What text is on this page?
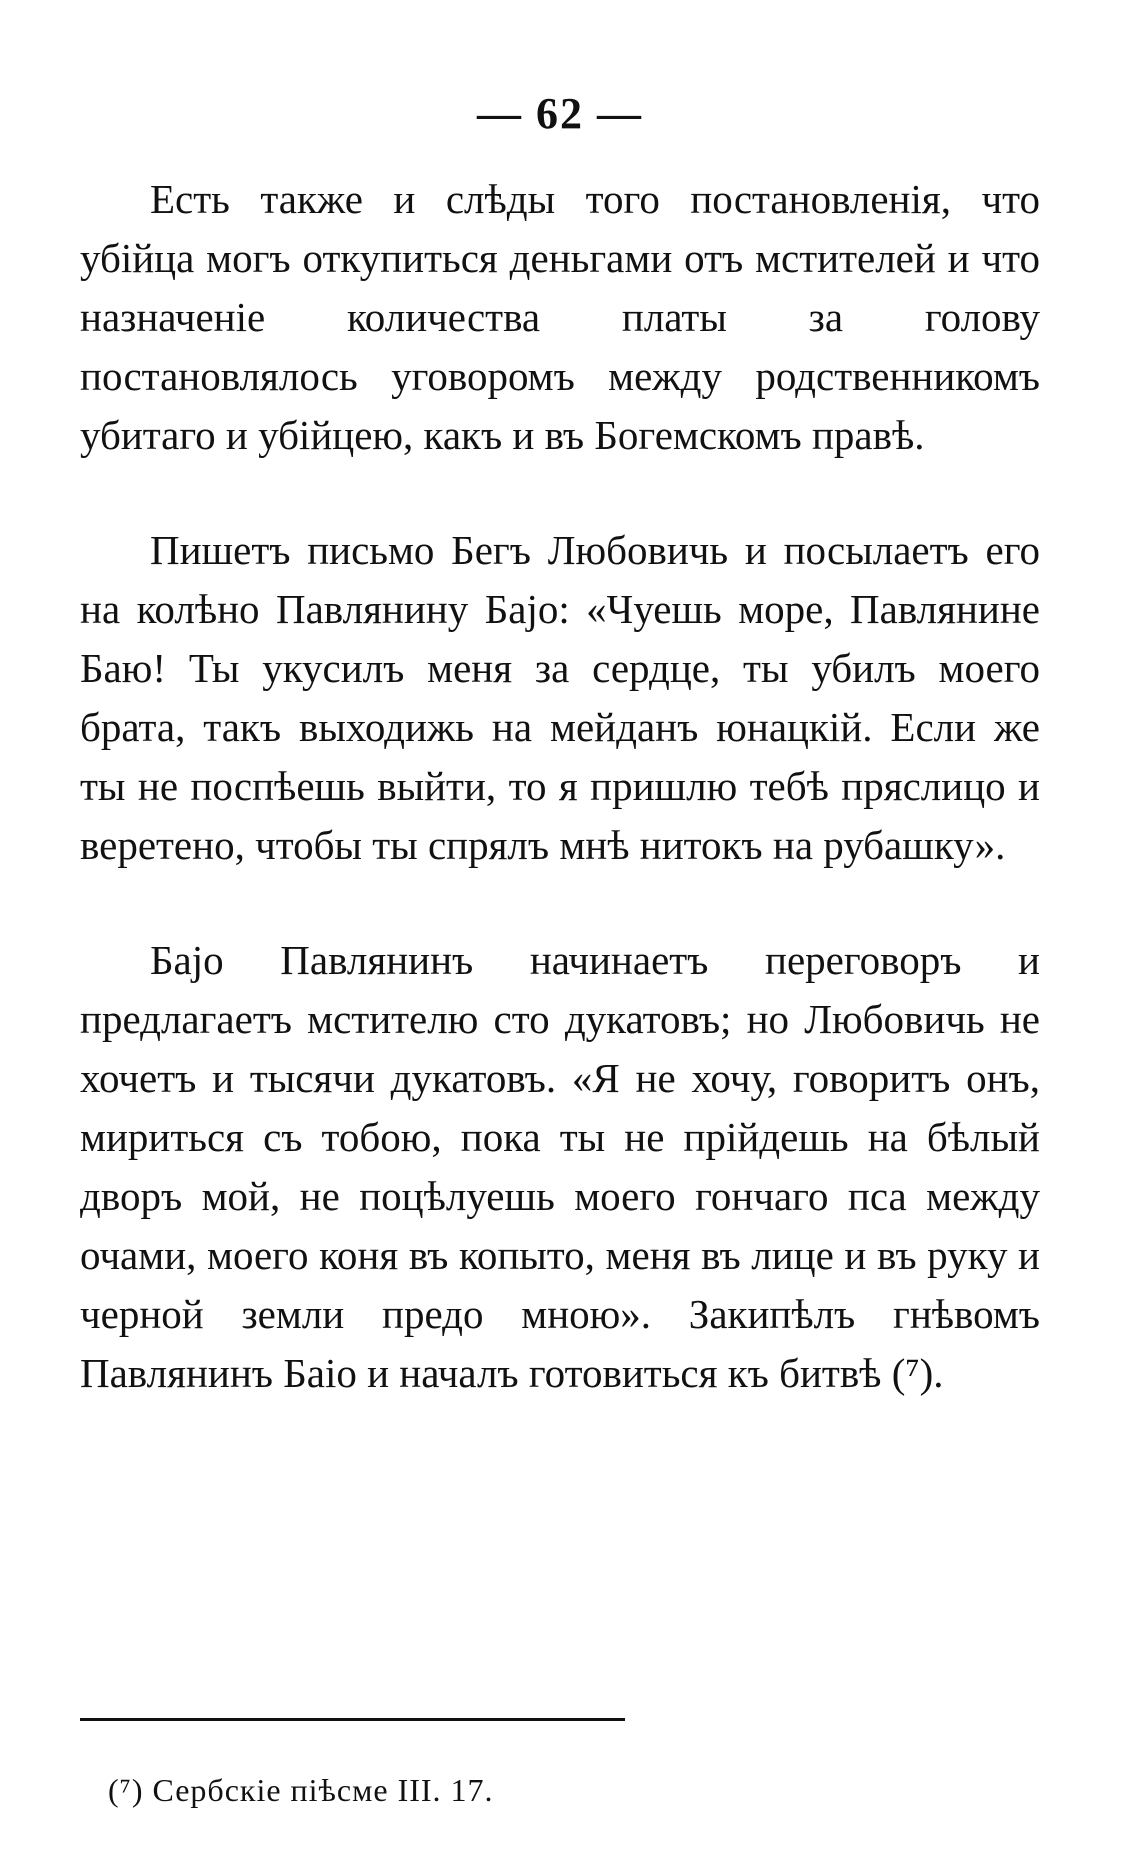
— 62 —

Есть также и слѣды того постановленія, что убійца могъ откупиться деньгами отъ мстителей и что назначеніе количества платы за голову постановлялось уговоромъ между родственникомъ убитаго и убійцею, какъ и въ Богемскомъ правѣ.

Пишетъ письмо Бегъ Любовичь и посылаетъ его на колѣно Павлянину Баjо: «Чуешь море, Павлянине Баю! Ты укусилъ меня за сердце, ты убилъ моего брата, такъ выходижь на мейданъ юнацкій. Если же ты не поспѣешь выйти, то я пришлю тебѣ пряслицо и веретено, чтобы ты спрялъ мнѣ нитокъ на рубашку».

Баjо Павлянинъ начинаетъ переговоръ и предлагаетъ мстителю сто дукатовъ; но Любовичь не хочетъ и тысячи дукатовъ. «Я не хочу, говоритъ онъ, мириться съ тобою, пока ты не прійдешь на бѣлый дворъ мой, не поцѣлуешь моего гончаго пса между очами, моего коня въ копыто, меня въ лице и въ руку и черной земли предо мною». Закипѣлъ гнѣвомъ Павлянинъ Баіо и началъ готовиться къ битвѣ (⁷).

(⁷) Сербскіе пiѣсме III. 17.
